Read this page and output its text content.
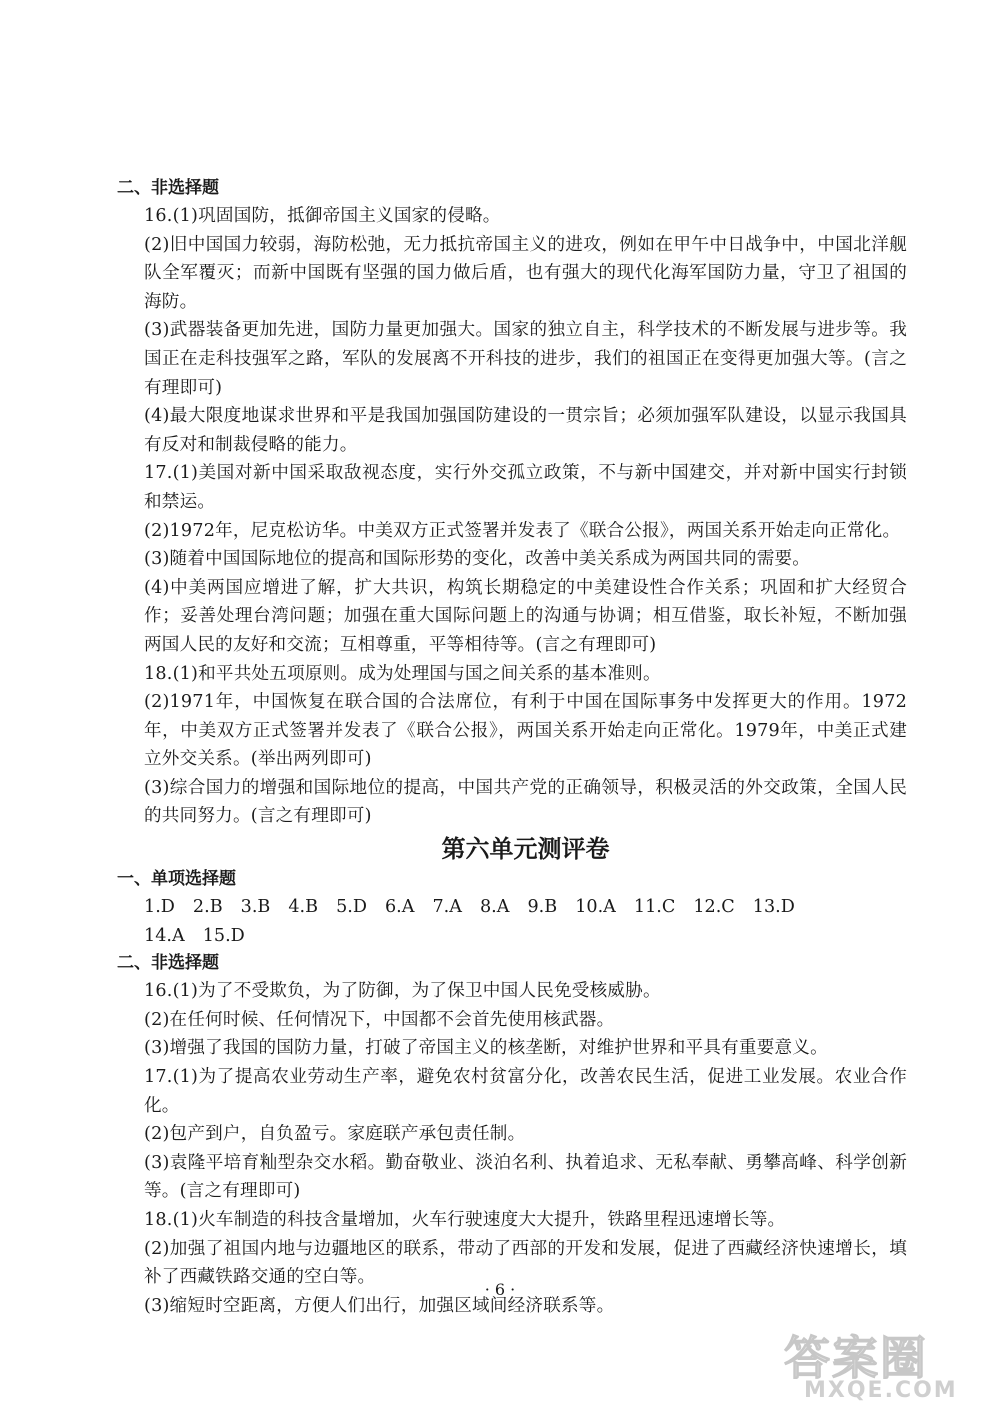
二、非选择题

16.(1)巩固国防，抵御帝国主义国家的侵略。

(2)旧中国国力较弱，海防松弛，无力抵抗帝国主义的进攻，例如在甲午中日战争中，中国北洋舰队全军覆灭；而新中国既有坚强的国力做后盾，也有强大的现代化海军国防力量，守卫了祖国的海防。

(3)武器装备更加先进，国防力量更加强大。国家的独立自主，科学技术的不断发展与进步等。我国正在走科技强军之路，军队的发展离不开科技的进步，我们的祖国正在变得更加强大等。(言之有理即可)

(4)最大限度地谋求世界和平是我国加强国防建设的一贯宗旨；必须加强军队建设，以显示我国具有反对和制裁侵略的能力。

17.(1)美国对新中国采取敌视态度，实行外交孤立政策，不与新中国建交，并对新中国实行封锁和禁运。

(2)1972年，尼克松访华。中美双方正式签署并发表了《联合公报》，两国关系开始走向正常化。

(3)随着中国国际地位的提高和国际形势的变化，改善中美关系成为两国共同的需要。

(4)中美两国应增进了解，扩大共识，构筑长期稳定的中美建设性合作关系；巩固和扩大经贸合作；妥善处理台湾问题；加强在重大国际问题上的沟通与协调；相互借鉴，取长补短，不断加强两国人民的友好和交流；互相尊重，平等相待等。(言之有理即可)

18.(1)和平共处五项原则。成为处理国与国之间关系的基本准则。

(2)1971年，中国恢复在联合国的合法席位，有利于中国在国际事务中发挥更大的作用。1972年，中美双方正式签署并发表了《联合公报》，两国关系开始走向正常化。1979年，中美正式建立外交关系。(举出两列即可)

(3)综合国力的增强和国际地位的提高，中国共产党的正确领导，积极灵活的外交政策，全国人民的共同努力。(言之有理即可)

第六单元测评卷
一、单项选择题
1.D 2.B 3.B 4.B 5.D 6.A 7.A 8.A 9.B 10.A 11.C 12.C 13.D
14.A 15.D
二、非选择题

16.(1)为了不受欺负，为了防御，为了保卫中国人民免受核威胁。

(2)在任何时候、任何情况下，中国都不会首先使用核武器。

(3)增强了我国的国防力量，打破了帝国主义的核垄断，对维护世界和平具有重要意义。

17.(1)为了提高农业劳动生产率，避免农村贫富分化，改善农民生活，促进工业发展。农业合作化。

(2)包产到户，自负盈亏。家庭联产承包责任制。

(3)袁隆平培育籼型杂交水稻。勤奋敬业、淡泊名利、执着追求、无私奉献、勇攀高峰、科学创新等。(言之有理即可)

18.(1)火车制造的科技含量增加，火车行驶速度大大提升，铁路里程迅速增长等。

(2)加强了祖国内地与边疆地区的联系，带动了西部的开发和发展，促进了西藏经济快速增长，填补了西藏铁路交通的空白等。

(3)缩短时空距离，方便人们出行，加强区域间经济联系等。

· 6 ·
答案圈
MXQE.COM
